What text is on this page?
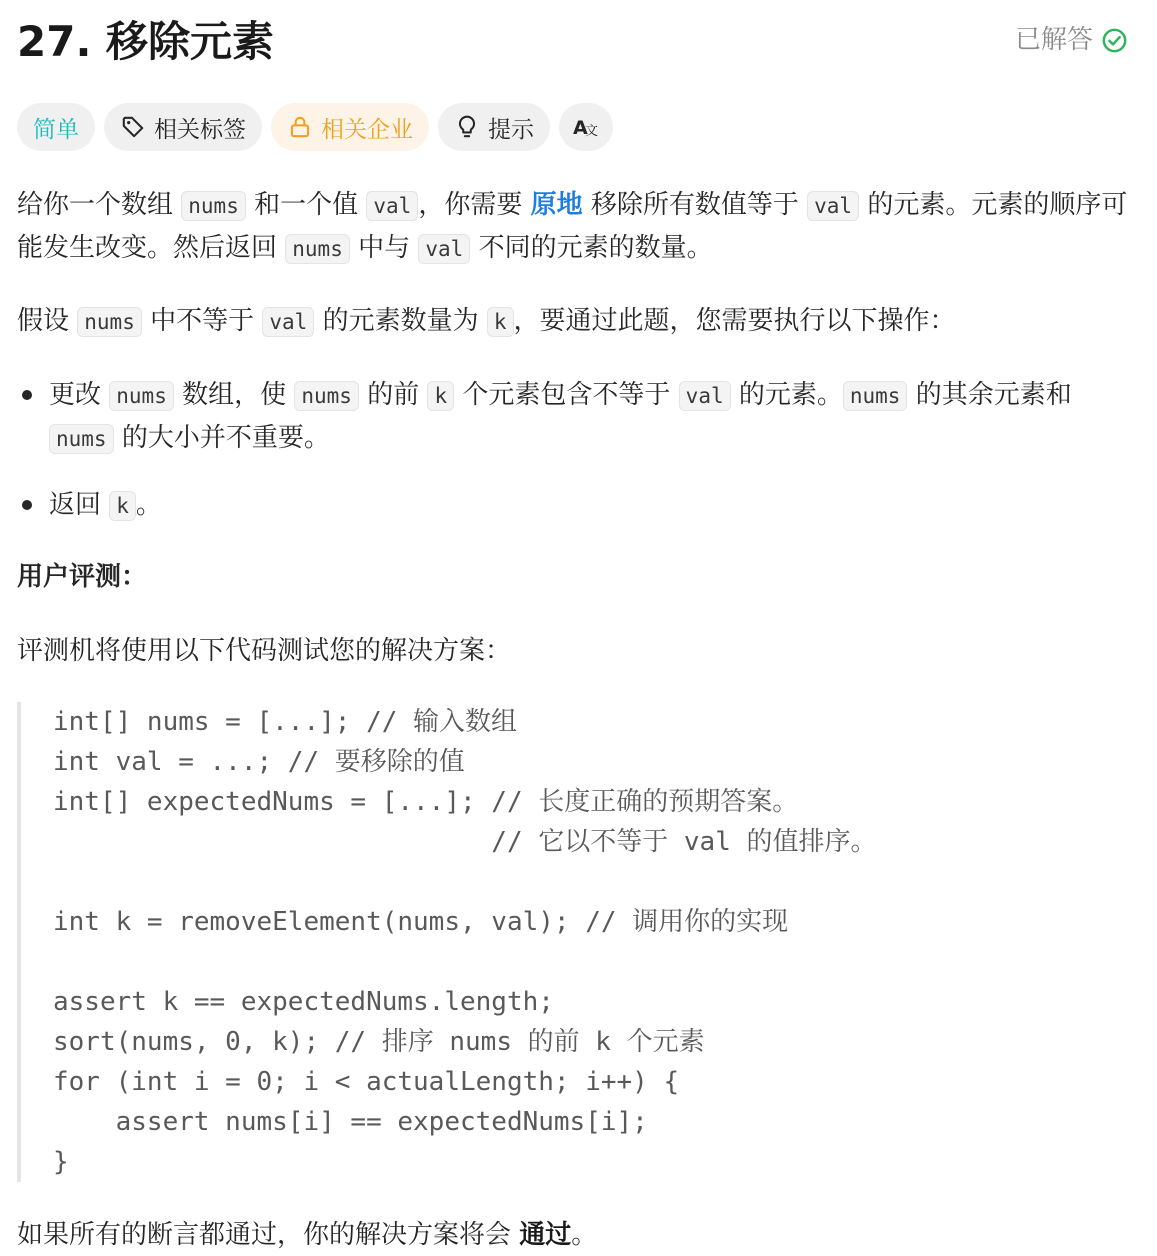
27. 移除元素	已解答
简单	相关标签	相关企业	提示 A
文

给你一个数组 nums 和一个值 val ，你需要 原地 移除所有数值等于 val 的元素。元素的顺序可能发生改变。然后返回 nums 中与 val 不同的元素的数量。

假设 nums 中不等于 val 的元素数量为 k ，要通过此题，您需要执行以下操作：

更改 nums 数组，使 nums 的前 k 个元素包含不等于 val 的元素。 nums 的其余元素和 nums 的大小并不重要。
返回 k 。

用户评测：

评测机将使用以下代码测试您的解决方案：

int[] nums = [...]; // 输入数组
int val = ...; // 要移除的值
int[] expectedNums = [...]; // 长度正确的预期答案。
// 它以不等于 val 的值排序。
int k = removeElement(nums, val); // 调用你的实现
assert k == expectedNums.length;
sort(nums, 0, k); // 排序 nums 的前 k 个元素
for (int i = 0; i < actualLength; i++) {
assert nums[i] == expectedNums[i];
}

如果所有的断言都通过，你的解决方案将会 通过。
